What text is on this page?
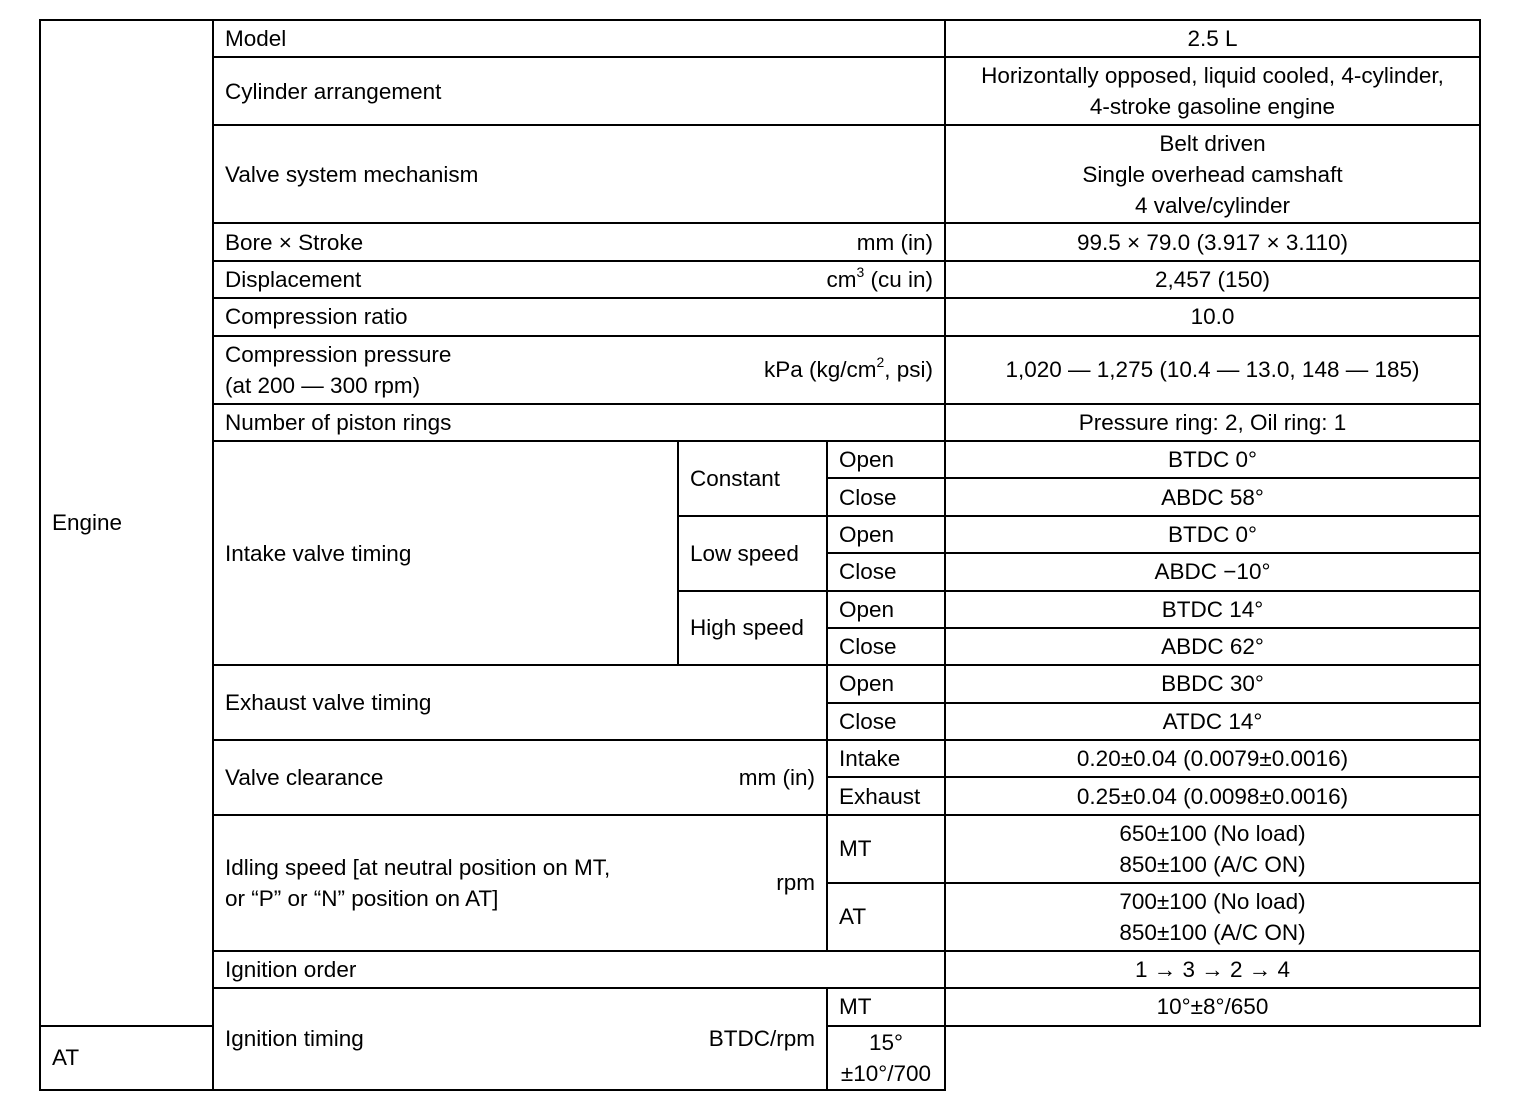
Engine	Model			2.5 L
	Cylinder arrangement			Horizontally opposed, liquid cooled, 4-cylinder,
4-stroke gasoline engine

	Valve system mechanism			Belt driven
Single overhead camshaft
4 valve/cylinder

	Bore × Stroke mm (in)			99.5 × 79.0 (3.917 × 3.110)

	Displacement $cm^3$ (cu in)			2,457 (150)
	Compression ratio			10.0

	Compression pressure
(at 200 — 300 rpm)
kPa ($kg/cm^2$, psi)			1,020 — 1,275 (10.4 — 13.0, 148 — 185)
	Number of piston rings			Pressure ring: 2, Oil ring: 1
	Intake valve timing	Constant	Open	BTDC 0°
			Close	ABDC 58°
		Low speed	Open	BTDC 0°
			Close	ABDC −10°
		High speed	Open	BTDC 14°
			Close	ABDC 62°
	Exhaust valve timing		Open	BBDC 30°
			Close	ATDC 14°

	Valve clearance mm (in)		Intake	0.20±0.04 (0.0079±0.0016)
			Exhaust	0.25±0.04 (0.0098±0.0016)

	Idling speed [at neutral position on MT,
or “P” or “N” position on AT]
rpm		MT	650±100 (No load)
850±100 (A/C ON)

			AT	700±100 (No load)
850±100 (A/C ON)

	Ignition order			1 → 3 → 2 → 4

	Ignition timing BTDC/rpm		MT	10°±8°/650
AT			15°±10°/700	
